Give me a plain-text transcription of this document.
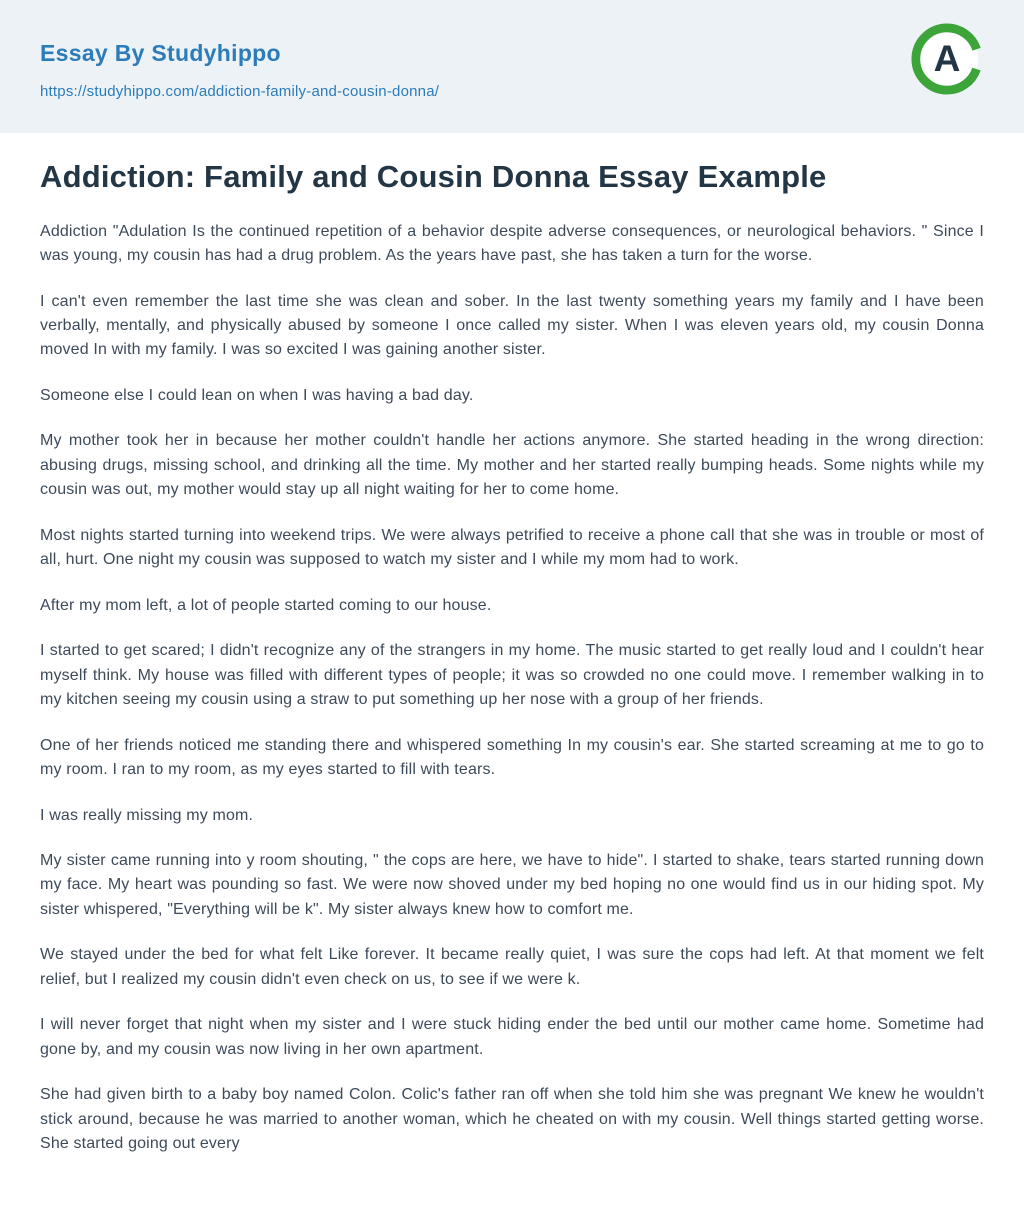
Essay By Studyhippo
https://studyhippo.com/addiction-family-and-cousin-donna/
A
Addiction: Family and Cousin Donna Essay Example

Addiction "Adulation Is the continued repetition of a behavior despite adverse consequences, or neurological behaviors. " Since I was young, my cousin has had a drug problem. As the years have past, she has taken a turn for the worse.

I can't even remember the last time she was clean and sober. In the last twenty something years my family and I have been verbally, mentally, and physically abused by someone I once called my sister. When I was eleven years old, my cousin Donna moved In with my family. I was so excited I was gaining another sister.

Someone else I could lean on when I was having a bad day.

My mother took her in because her mother couldn't handle her actions anymore. She started heading in the wrong direction: abusing drugs, missing school, and drinking all the time. My mother and her started really bumping heads. Some nights while my cousin was out, my mother would stay up all night waiting for her to come home.

Most nights started turning into weekend trips. We were always petrified to receive a phone call that she was in trouble or most of all, hurt. One night my cousin was supposed to watch my sister and I while my mom had to work.

After my mom left, a lot of people started coming to our house.

I started to get scared; I didn't recognize any of the strangers in my home. The music started to get really loud and I couldn't hear myself think. My house was filled with different types of people; it was so crowded no one could move. I remember walking in to my kitchen seeing my cousin using a straw to put something up her nose with a group of her friends.

One of her friends noticed me standing there and whispered something In my cousin's ear. She started screaming at me to go to my room. I ran to my room, as my eyes started to fill with tears.

I was really missing my mom.

My sister came running into y room shouting, " the cops are here, we have to hide". I started to shake, tears started running down my face. My heart was pounding so fast. We were now shoved under my bed hoping no one would find us in our hiding spot. My sister whispered, "Everything will be k". My sister always knew how to comfort me.

We stayed under the bed for what felt Like forever. It became really quiet, I was sure the cops had left. At that moment we felt relief, but I realized my cousin didn't even check on us, to see if we were k.

I will never forget that night when my sister and I were stuck hiding ender the bed until our mother came home. Sometime had gone by, and my cousin was now living in her own apartment.

She had given birth to a baby boy named Colon. Colic's father ran off when she told him she was pregnant We knew he wouldn't stick around, because he was married to another woman, which he cheated on with my cousin. Well things started getting worse. She started going out every
